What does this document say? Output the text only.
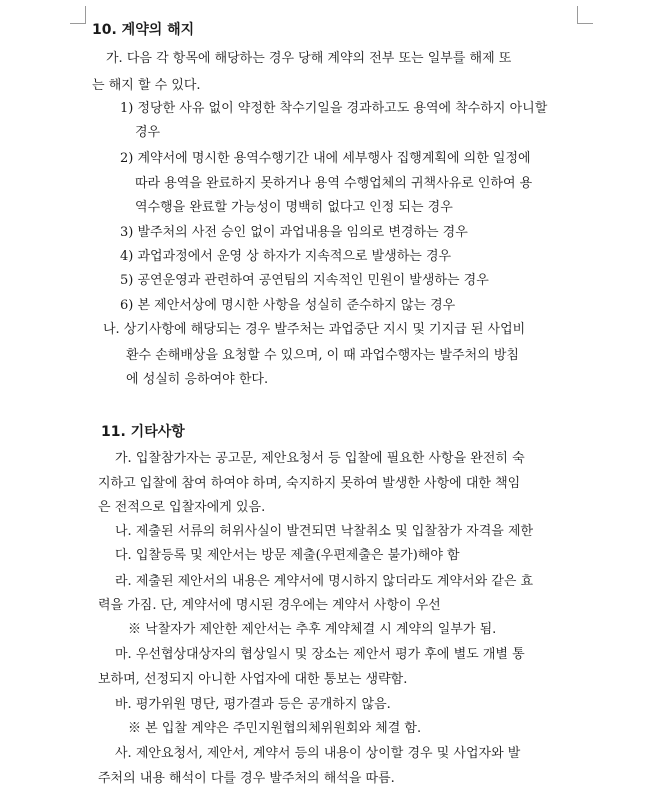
10. 계약의 해지
가. 다음 각 항목에 해당하는 경우 당해 계약의 전부 또는 일부를 해제 또
는 해지 할 수 있다.
1) 정당한 사유 없이 약정한 착수기일을 경과하고도 용역에 착수하지 아니할
경우
2) 계약서에 명시한 용역수행기간 내에 세부행사 집행계획에 의한 일정에
따라 용역을 완료하지 못하거나 용역 수행업체의 귀책사유로 인하여 용
역수행을 완료할 가능성이 명백히 없다고 인정 되는 경우
3) 발주처의 사전 승인 없이 과업내용을 임의로 변경하는 경우
4) 과업과정에서 운영 상 하자가 지속적으로 발생하는 경우
5) 공연운영과 관련하여 공연팀의 지속적인 민원이 발생하는 경우
6) 본 제안서상에 명시한 사항을 성실히 준수하지 않는 경우
나. 상기사항에 해당되는 경우 발주처는 과업중단 지시 및 기지급 된 사업비
환수 손해배상을 요청할 수 있으며, 이 때 과업수행자는 발주처의 방침
에 성실히 응하여야 한다.
11. 기타사항
가. 입찰참가자는 공고문, 제안요청서 등 입찰에 필요한 사항을 완전히 숙
지하고 입찰에 참여 하여야 하며, 숙지하지 못하여 발생한 사항에 대한 책임
은 전적으로 입찰자에게 있음.
나. 제출된 서류의 허위사실이 발견되면 낙찰취소 및 입찰참가 자격을 제한
다. 입찰등록 및 제안서는 방문 제출(우편제출은 불가)해야 함
라. 제출된 제안서의 내용은 계약서에 명시하지 않더라도 계약서와 같은 효
력을 가짐. 단, 계약서에 명시된 경우에는 계약서 사항이 우선
※ 낙찰자가 제안한 제안서는 추후 계약체결 시 계약의 일부가 됨.
마. 우선협상대상자의 협상일시 및 장소는 제안서 평가 후에 별도 개별 통
보하며, 선정되지 아니한 사업자에 대한 통보는 생략함.
바. 평가위원 명단, 평가결과 등은 공개하지 않음.
※ 본 입찰 계약은 주민지원협의체위원회와 체결 함.
사. 제안요청서, 제안서, 계약서 등의 내용이 상이할 경우 및 사업자와 발
주처의 내용 해석이 다를 경우 발주처의 해석을 따름.
